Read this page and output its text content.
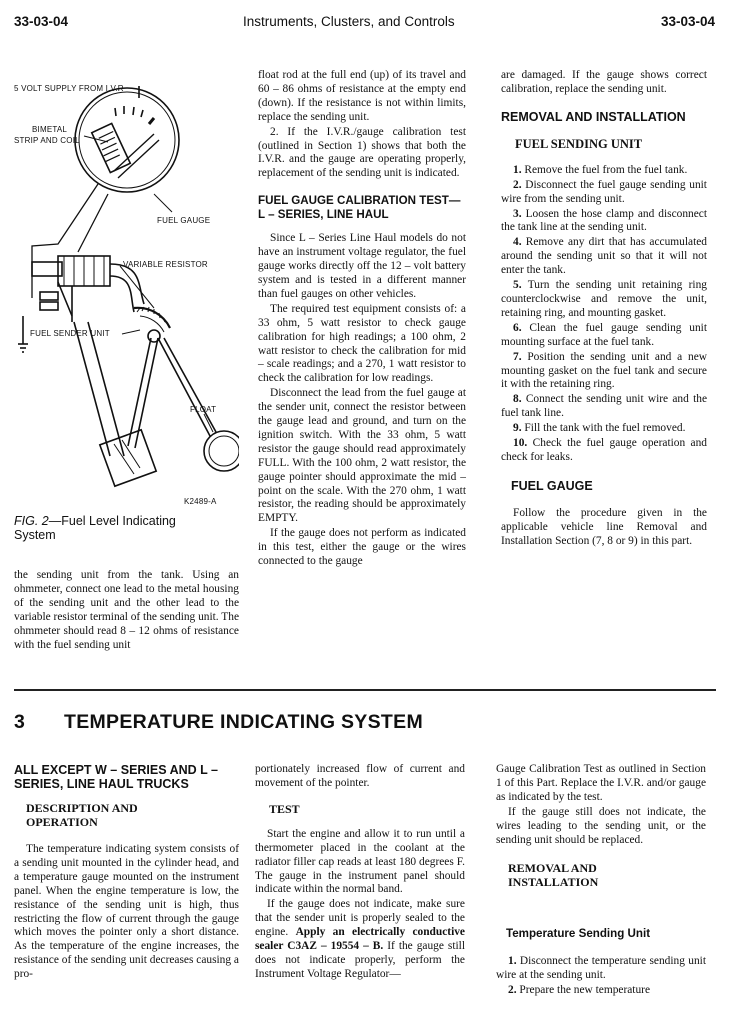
33-03-04	Instruments, Clusters, and Controls	33-03-04
5 VOLT SUPPLY FROM I.V.R
BIMETAL
STRIP AND COIL
FUEL GAUGE
VARIABLE RESISTOR
FUEL SENDER UNIT
FLOAT
K2489-A
FIG. 2—Fuel Level Indicating System

the sending unit from the tank. Using an ohmmeter, connect one lead to the metal housing of the sending unit and the other lead to the variable resistor terminal of the sending unit. The ohmmeter should read 8 – 12 ohms of resistance with the fuel sending unit

float rod at the full end (up) of its travel and 60 – 86 ohms of resistance at the empty end (down). If the resistance is not within limits, replace the sending unit.

2. If the I.V.R./gauge calibration test (outlined in Section 1) shows that both the I.V.R. and the gauge are operating properly, replacement of the sending unit is indicated.

FUEL GAUGE CALIBRATION TEST—L – SERIES, LINE HAUL

Since L – Series Line Haul models do not have an instrument voltage regulator, the fuel gauge works directly off the 12 – volt battery system and is tested in a different manner than fuel gauges on other vehicles.

The required test equipment consists of: a 33 ohm, 5 watt resistor to check gauge calibration for high readings; a 100 ohm, 2 watt resistor to check the calibration for mid – scale readings; and a 270, 1 watt resistor to check the calibration for low readings.

Disconnect the lead from the fuel gauge at the sender unit, connect the resistor between the gauge lead and ground, and turn on the ignition switch. With the 33 ohm, 5 watt resistor the gauge should read approximately FULL. With the 100 ohm, 2 watt resistor, the gauge pointer should approximate the mid – point on the scale. With the 270 ohm, 1 watt resistor, the reading should be approximately EMPTY.

If the gauge does not perform as indicated in this test, either the gauge or the wires connected to the gauge

are damaged. If the gauge shows correct calibration, replace the sending unit.

REMOVAL AND INSTALLATION
FUEL SENDING UNIT

1. Remove the fuel from the fuel tank.

2. Disconnect the fuel gauge sending unit wire from the sending unit.

3. Loosen the hose clamp and disconnect the tank line at the sending unit.

4. Remove any dirt that has accumulated around the sending unit so that it will not enter the tank.

5. Turn the sending unit retaining ring counterclockwise and remove the unit, retaining ring, and mounting gasket.

6. Clean the fuel gauge sending unit mounting surface at the fuel tank.

7. Position the sending unit and a new mounting gasket on the fuel tank and secure it with the retaining ring.

8. Connect the sending unit wire and the fuel tank line.

9. Fill the tank with the fuel removed.

10. Check the fuel gauge operation and check for leaks.

FUEL GAUGE

Follow the procedure given in the applicable vehicle line Removal and Installation Section (7, 8 or 9) in this part.

3 TEMPERATURE INDICATING SYSTEM
ALL EXCEPT W – SERIES AND L – SERIES, LINE HAUL TRUCKS
DESCRIPTION AND OPERATION

The temperature indicating system consists of a sending unit mounted in the cylinder head, and a temperature gauge mounted on the instrument panel. When the engine temperature is low, the resistance of the sending unit is high, thus restricting the flow of current through the gauge which moves the pointer only a short distance. As the temperature of the engine increases, the resistance of the sending unit decreases causing a pro-

portionately increased flow of current and movement of the pointer.

TEST

Start the engine and allow it to run until a thermometer placed in the coolant at the radiator filler cap reads at least 180 degrees F. The gauge in the instrument panel should indicate within the normal band.

If the gauge does not indicate, make sure that the sender unit is properly sealed to the engine. Apply an electrically conductive sealer C3AZ – 19554 – B. If the gauge still does not indicate properly, perform the Instrument Voltage Regulator—

Gauge Calibration Test as outlined in Section 1 of this Part. Replace the I.V.R. and/or gauge as indicated by the test.

If the gauge still does not indicate, the wires leading to the sending unit, or the sending unit should be replaced.

REMOVAL AND INSTALLATION
Temperature Sending Unit

1. Disconnect the temperature sending unit wire at the sending unit.

2. Prepare the new temperature
